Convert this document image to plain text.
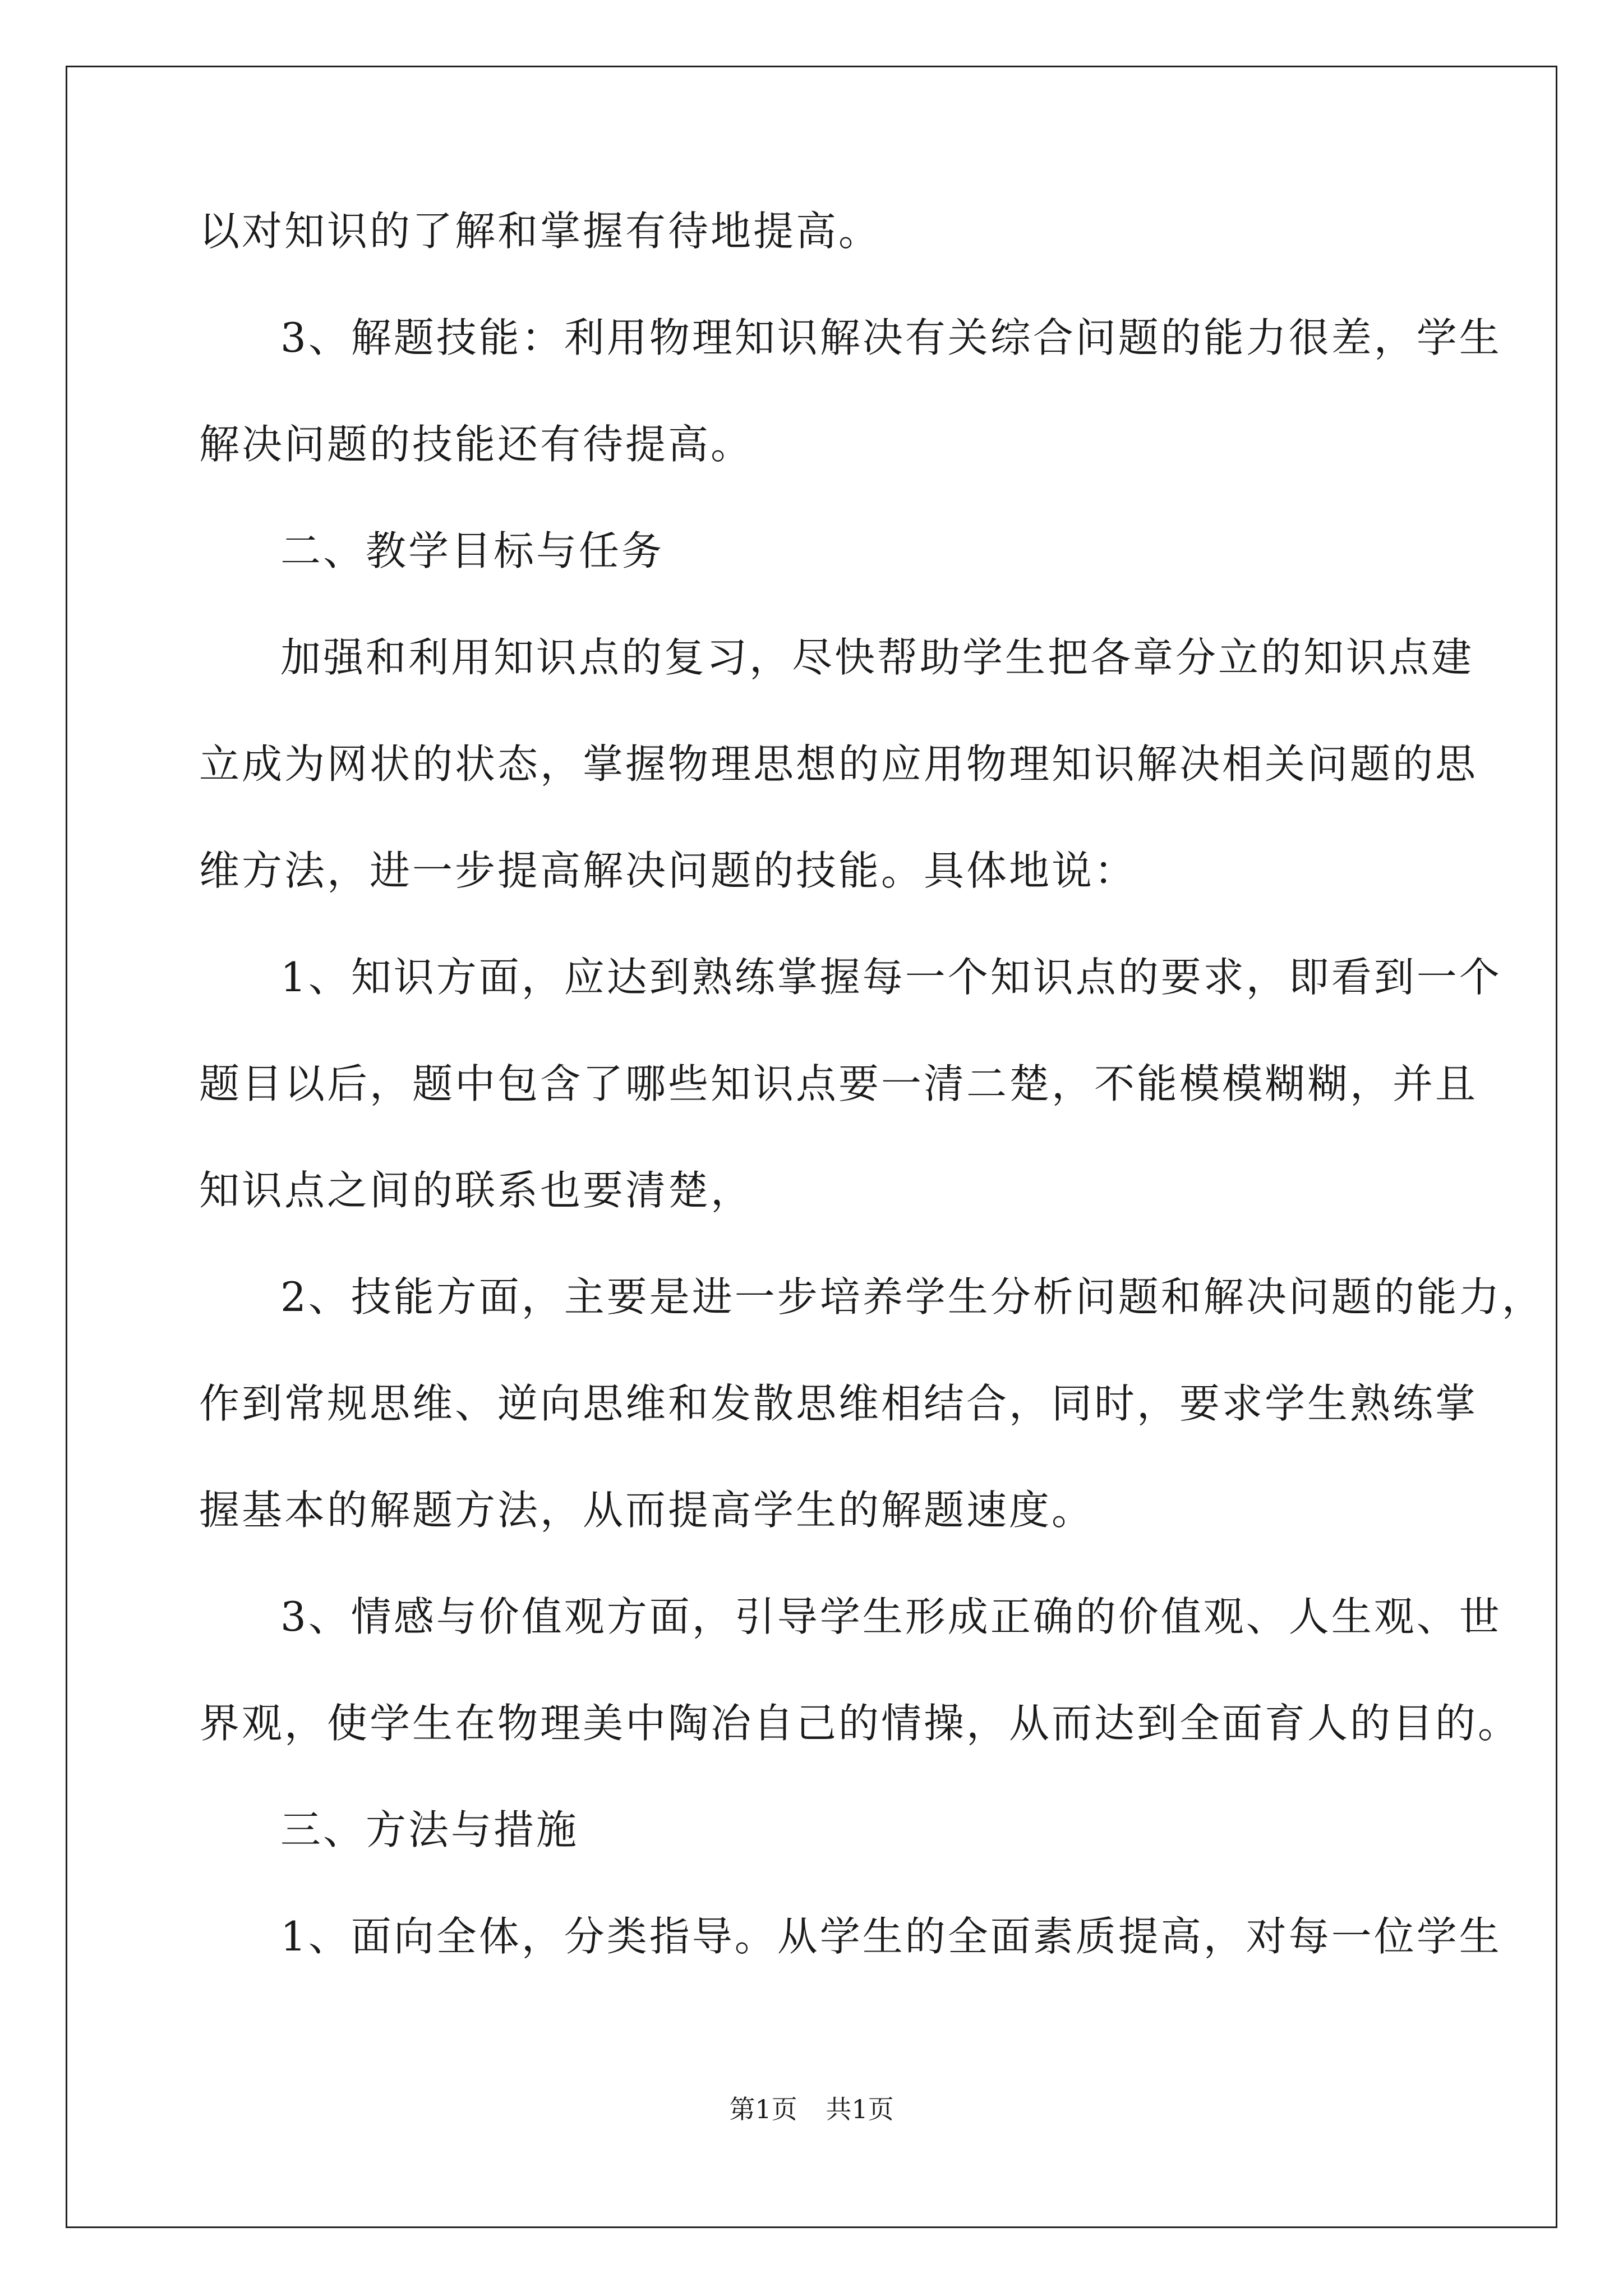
以对知识的了解和掌握有待地提高。
3、解题技能：利用物理知识解决有关综合问题的能力很差，学生
解决问题的技能还有待提高。
二、教学目标与任务
加强和利用知识点的复习，尽快帮助学生把各章分立的知识点建
立成为网状的状态，掌握物理思想的应用物理知识解决相关问题的思
维方法，进一步提高解决问题的技能。具体地说：
1、知识方面，应达到熟练掌握每一个知识点的要求，即看到一个
题目以后，题中包含了哪些知识点要一清二楚，不能模模糊糊，并且
知识点之间的联系也要清楚，
2、技能方面，主要是进一步培养学生分析问题和解决问题的能力，
作到常规思维、逆向思维和发散思维相结合，同时，要求学生熟练掌
握基本的解题方法，从而提高学生的解题速度。
3、情感与价值观方面，引导学生形成正确的价值观、人生观、世
界观，使学生在物理美中陶冶自己的情操，从而达到全面育人的目的。
三、方法与措施
1、面向全体，分类指导。从学生的全面素质提高，对每一位学生
第1页 共1页
